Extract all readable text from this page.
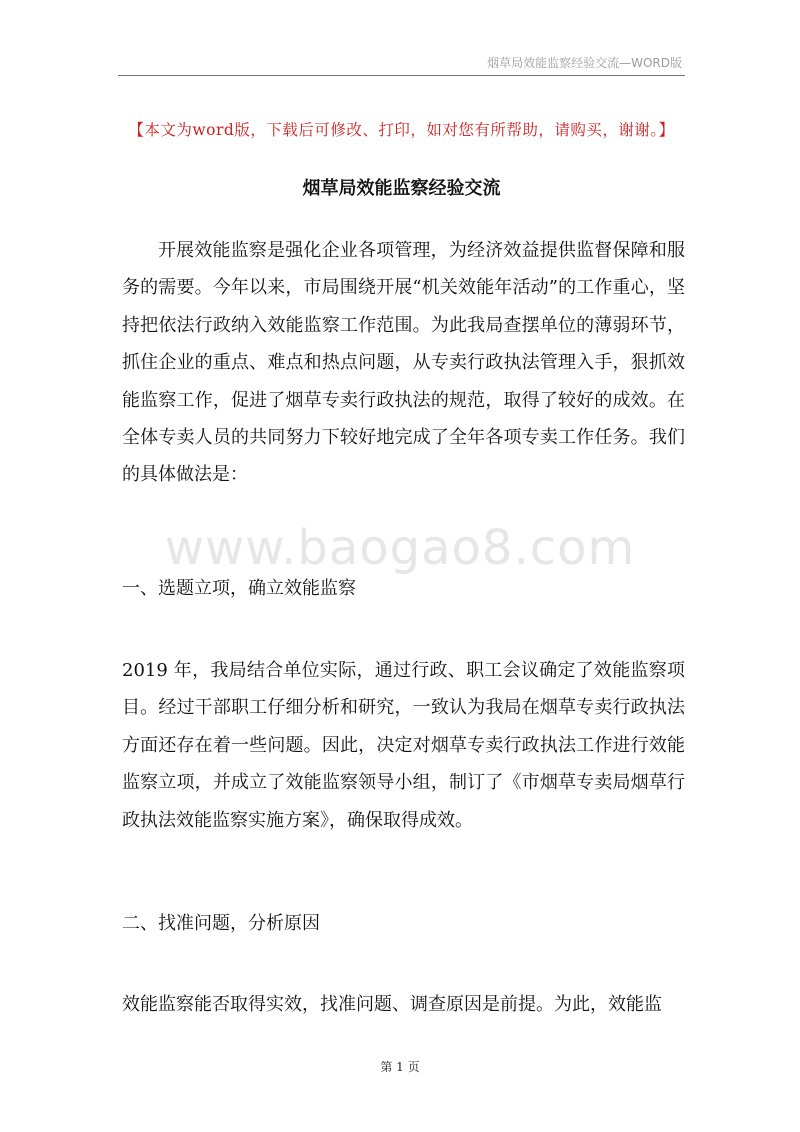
烟草局效能监察经验交流—WORD版
【本文为word版，下载后可修改、打印，如对您有所帮助，请购买，谢谢。】
烟草局效能监察经验交流

开展效能监察是强化企业各项管理，为经济效益提供监督保障和服务的需要。今年以来，市局围绕开展“机关效能年活动”的工作重心，坚持把依法行政纳入效能监察工作范围。为此我局查摆单位的薄弱环节，抓住企业的重点、难点和热点问题，从专卖行政执法管理入手，狠抓效能监察工作，促进了烟草专卖行政执法的规范，取得了较好的成效。在全体专卖人员的共同努力下较好地完成了全年各项专卖工作任务。我们的具体做法是：

www.baogao8.com

一、选题立项，确立效能监察

2019 年，我局结合单位实际，通过行政、职工会议确定了效能监察项目。经过干部职工仔细分析和研究，一致认为我局在烟草专卖行政执法方面还存在着一些问题。因此，决定对烟草专卖行政执法工作进行效能监察立项，并成立了效能监察领导小组，制订了《市烟草专卖局烟草行政执法效能监察实施方案》，确保取得成效。

二、找准问题，分析原因

效能监察能否取得实效，找准问题、调查原因是前提。为此，效能监

第 1 页
